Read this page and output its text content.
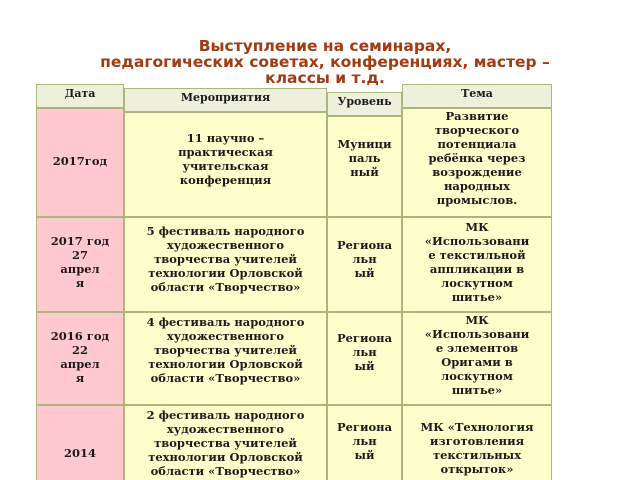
Выступление на семинарах,
педагогических советах, конференциях, мастер –
классы и т.д.
Дата	Мероприятия	Уровень
Тема
2017год
11 научно –
практическая
учительская
конференция
Муници
паль
ный
Развитие
творческого
потенциала
ребёнка через
возрождение
народных
промыслов.
2017 год
27
апрел
я
5 фестиваль народного
художественного
творчества учителей
технологии Орловской
области «Творчество»
Региона
льн
ый
МК
«Использовани
е текстильной
аппликации в
лоскутном
шитье»
2016 год
22
апрел
я
4 фестиваль народного
художественного
творчества учителей
технологии Орловской
области «Творчество»
Региона
льн
ый
МК
«Использовани
е элементов
Оригами в
лоскутном
шитье»
2014
2 фестиваль народного
художественного
творчества учителей
технологии Орловской
области «Творчество»
Региона
льн
ый
МК «Технология
изготовления
текстильных
открыток»
